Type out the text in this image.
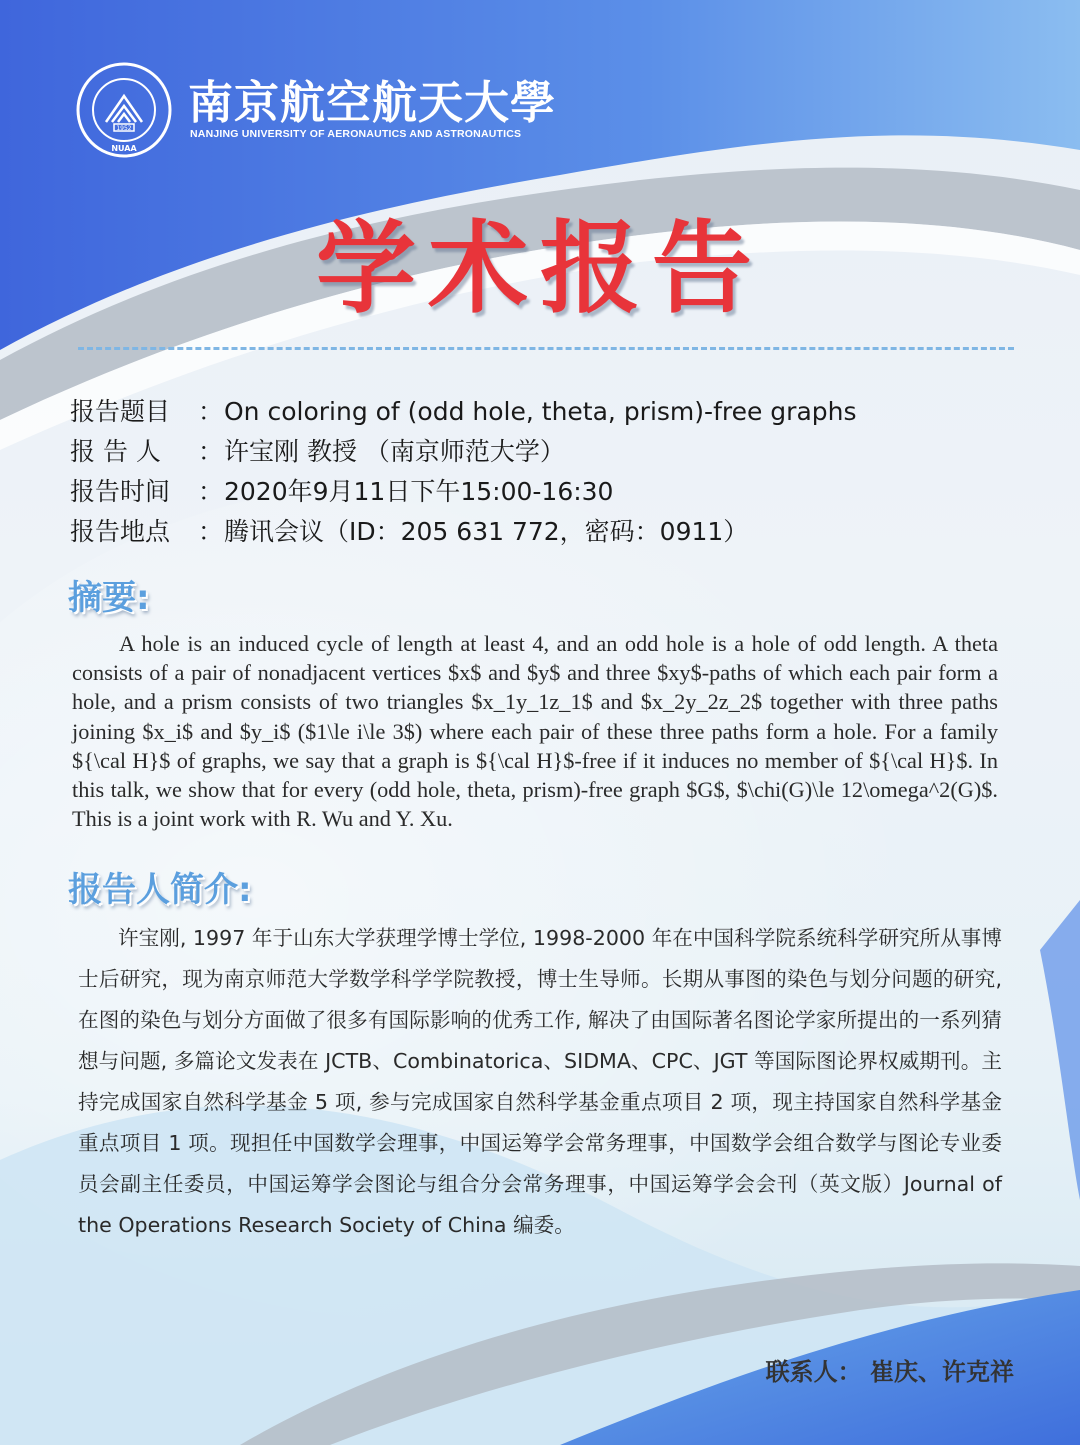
1952
NUAA
南京航空航天大學
NANJING UNIVERSITY OF AERONAUTICS AND ASTRONAUTICS
学术报告
报告题目	： On coloring of (odd hole, theta, prism)-free graphs
报 告 人	： 许宝刚 教授 （南京师范大学）
报告时间	： 2020年9月11日下午15:00-16:30
报告地点	： 腾讯会议（ID：205 631 772，密码：0911）
摘要:

A hole is an induced cycle of length at least 4, and an odd hole is a hole of odd length. A theta consists of a pair of nonadjacent vertices $x$ and $y$ and three $xy$-paths of which each pair form a hole, and a prism consists of two triangles $x_1y_1z_1$ and $x_2y_2z_2$ together with three paths joining $x_i$ and $y_i$ ($1\le i\le 3$) where each pair of these three paths form a hole. For a family ${\cal H}$ of graphs, we say that a graph is ${\cal H}$-free if it induces no member of ${\cal H}$. In this talk, we show that for every (odd hole, theta, prism)-free graph $G$, $\chi(G)\le 12\omega^2(G)$. This is a joint work with R. Wu and Y. Xu.

报告人简介:

许宝刚, 1997 年于山东大学获理学博士学位, 1998-2000 年在中国科学院系统科学研究所从事博士后研究，现为南京师范大学数学科学学院教授，博士生导师。长期从事图的染色与划分问题的研究, 在图的染色与划分方面做了很多有国际影响的优秀工作, 解决了由国际著名图论学家所提出的一系列猜想与问题, 多篇论文发表在 JCTB、Combinatorica、SIDMA、CPC、JGT 等国际图论界权威期刊。主持完成国家自然科学基金 5 项, 参与完成国家自然科学基金重点项目 2 项，现主持国家自然科学基金重点项目 1 项。现担任中国数学会理事，中国运筹学会常务理事，中国数学会组合数学与图论专业委员会副主任委员，中国运筹学会图论与组合分会常务理事，中国运筹学会会刊（英文版）Journal of the Operations Research Society of China 编委。

联系人： 崔庆、许克祥
